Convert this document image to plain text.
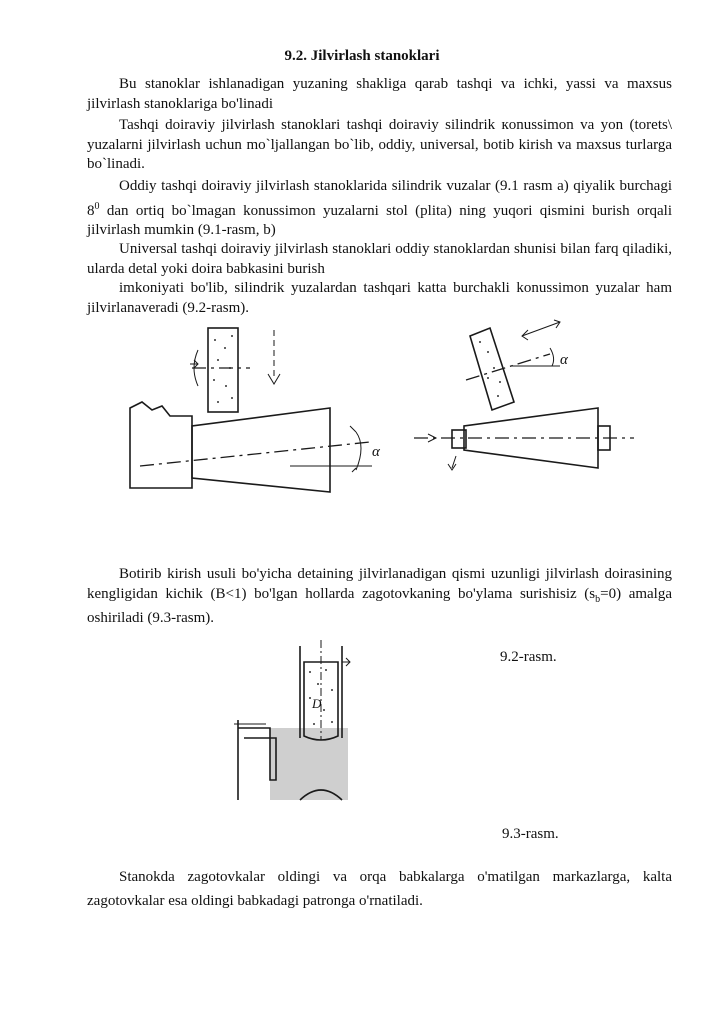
9.2. Jilvirlash stanoklari

Bu stanoklar ishlanadigan yuzaning shakliga qarab tashqi va ichki, yassi va maxsus jilvirlash stanoklariga bo'linadi

Tashqi doiraviy jilvirlash stanoklari tashqi doiraviy silindrik кonussimon va yon (torets\ yuzalarni jilvirlash uchun mo`ljallangan bo`lib, oddiy, universal, botib kirish va maxsus turlarga bo`linadi.

Oddiy tashqi doiraviy jilvirlash stanoklarida silindrik vuzalar (9.1 rasm a) qiyalik burchagi $8^0$ dan ortiq bo`lmagan konussimon yuzalarni stol (plita) ning yuqori qismini burish orqali jilvirlash mumkin (9.1-rasm, b)

Universal tashqi doiraviy jilvirlash stanoklari oddiy stanoklardan shunisi bilan farq qiladiki, ularda detal yoki doira babkasini burish

imkoniyati bo'lib, silindrik yuzalardan tashqari katta burchakli konussimon yuzalar ham jilvirlanaveradi (9.2-rasm).

α
α

Botirib kirish usuli bo'yicha detaining jilvirlanadigan qismi uzunligi jilvirlash doirasining kengligidan kichik (B<1) bo'lgan hollarda zagotovkaning bo'ylama surishisiz $(s_b=0)$ amalga oshiriladi (9.3-rasm).

9.2-rasm.
D
9.3-rasm.

Stanokda zagotovkalar oldingi va orqa babkalarga o'matilgan markazlarga, kalta zagotovkalar esa oldingi babkadagi patronga o'rnatiladi.
